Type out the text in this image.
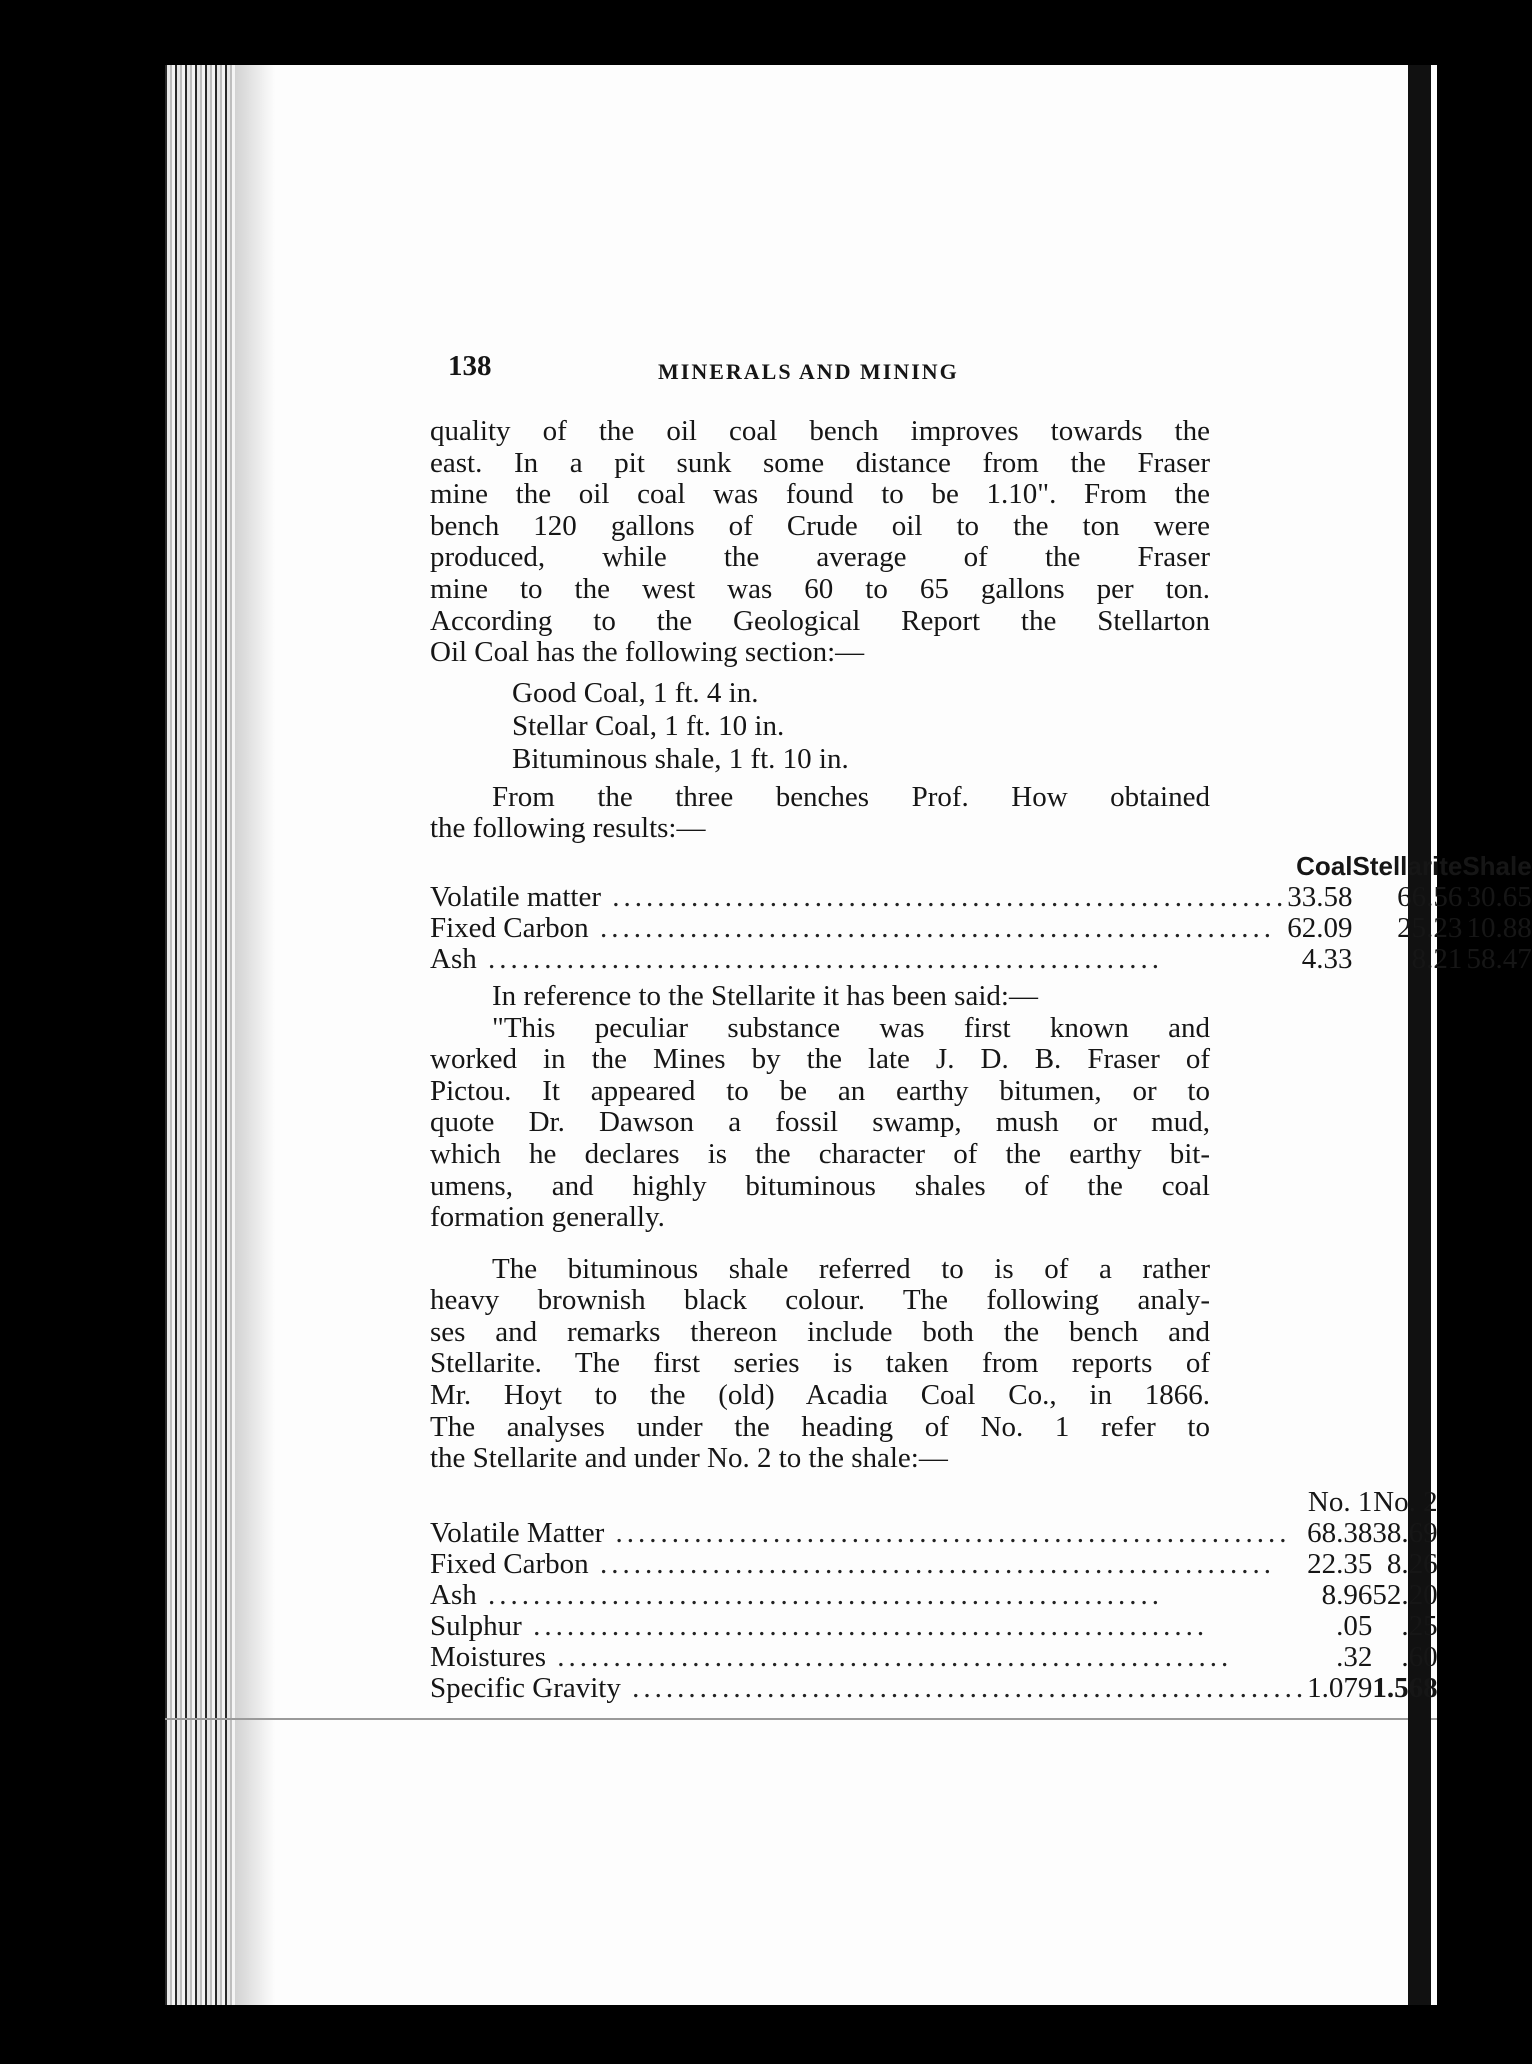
138	MINERALS AND MINING
quality of the oil coal bench improves towards the
east. In a pit sunk some distance from the Fraser
mine the oil coal was found to be 1.10". From the
bench 120 gallons of Crude oil to the ton were
produced, while the average of the Fraser
mine to the west was 60 to 65 gallons per ton.
According to the Geological Report the Stellarton
Oil Coal has the following section:—
Good Coal, 1 ft. 4 in.
Stellar Coal, 1 ft. 10 in.
Bituminous shale, 1 ft. 10 in.
From the three benches Prof. How obtained
the following results:—
	Coal	Stellarite	Shale
Volatile matter ............................................................	33.58	66.56	30.65
Fixed Carbon ............................................................	62.09	25.23	10.88
Ash ............................................................	4.33	8.21	58.47
In reference to the Stellarite it has been said:—
"This peculiar substance was first known and
worked in the Mines by the late J. D. B. Fraser of
Pictou. It appeared to be an earthy bitumen, or to
quote Dr. Dawson a fossil swamp, mush or mud,
which he declares is the character of the earthy bit-
umens, and highly bituminous shales of the coal
formation generally.
The bituminous shale referred to is of a rather
heavy brownish black colour. The following analy-
ses and remarks thereon include both the bench and
Stellarite. The first series is taken from reports of
Mr. Hoyt to the (old) Acadia Coal Co., in 1866.
The analyses under the heading of No. 1 refer to
the Stellarite and under No. 2 to the shale:—
	No. 1	No. 2
Volatile Matter ............................................................	68.38	38.69
Fixed Carbon ............................................................	22.35	8.26
Ash ............................................................	8.96	52.20
Sulphur ............................................................	.05	.25
Moistures ............................................................	.32	.60
Specific Gravity ............................................................	1.079	1.568
